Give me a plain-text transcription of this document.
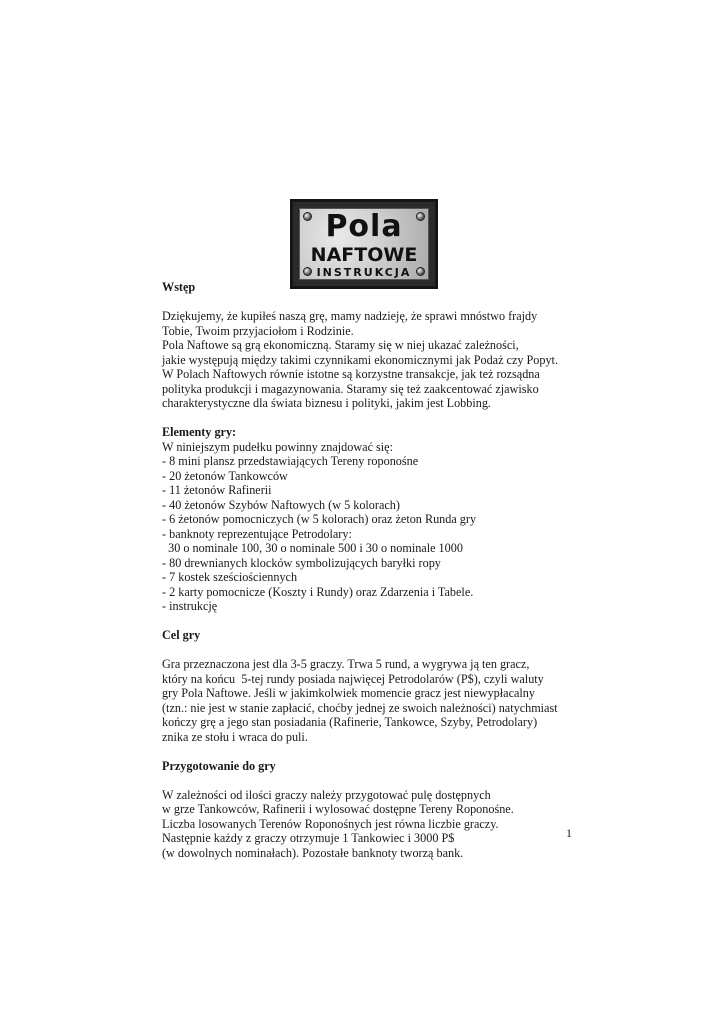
Pola
NAFTOWE
INSTRUKCJA

Wstęp

Dziękujemy, że kupiłeś naszą grę, mamy nadzieję, że sprawi mnóstwo frajdy
Tobie, Twoim przyjaciołom i Rodzinie.
Pola Naftowe są grą ekonomiczną. Staramy się w niej ukazać zależności,
jakie występują między takimi czynnikami ekonomicznymi jak Podaż czy Popyt.
W Polach Naftowych równie istotne są korzystne transakcje, jak też rozsądna
polityka produkcji i magazynowania. Staramy się też zaakcentować zjawisko
charakterystyczne dla świata biznesu i polityki, jakim jest Lobbing.

Elementy gry:

W niniejszym pudełku powinny znajdować się:
- 8 mini plansz przedstawiających Tereny roponośne
- 20 żetonów Tankowców
- 11 żetonów Rafinerii
- 40 żetonów Szybów Naftowych (w 5 kolorach)
- 6 żetonów pomocniczych (w 5 kolorach) oraz żeton Runda gry
- banknoty reprezentujące Petrodolary:
30 o nominale 100, 30 o nominale 500 i 30 o nominale 1000
- 80 drewnianych klocków symbolizujących baryłki ropy
- 7 kostek sześciościennych
- 2 karty pomocnicze (Koszty i Rundy) oraz Zdarzenia i Tabele.
- instrukcję

Cel gry

Gra przeznaczona jest dla 3-5 graczy. Trwa 5 rund, a wygrywa ją ten gracz,
który na końcu  5-tej rundy posiada najwięcej Petrodolarów (P$), czyli waluty
gry Pola Naftowe. Jeśli w jakimkolwiek momencie gracz jest niewypłacalny
(tzn.: nie jest w stanie zapłacić, choćby jednej ze swoich należności) natychmiast
kończy grę a jego stan posiadania (Rafinerie, Tankowce, Szyby, Petrodolary)
znika ze stołu i wraca do puli.

Przygotowanie do gry

W zależności od ilości graczy należy przygotować pulę dostępnych
w grze Tankowców, Rafinerii i wylosować dostępne Tereny Roponośne.
Liczba losowanych Terenów Roponośnych jest równa liczbie graczy.
Następnie każdy z graczy otrzymuje 1 Tankowiec i 3000 P$
(w dowolnych nominałach). Pozostałe banknoty tworzą bank.
1
